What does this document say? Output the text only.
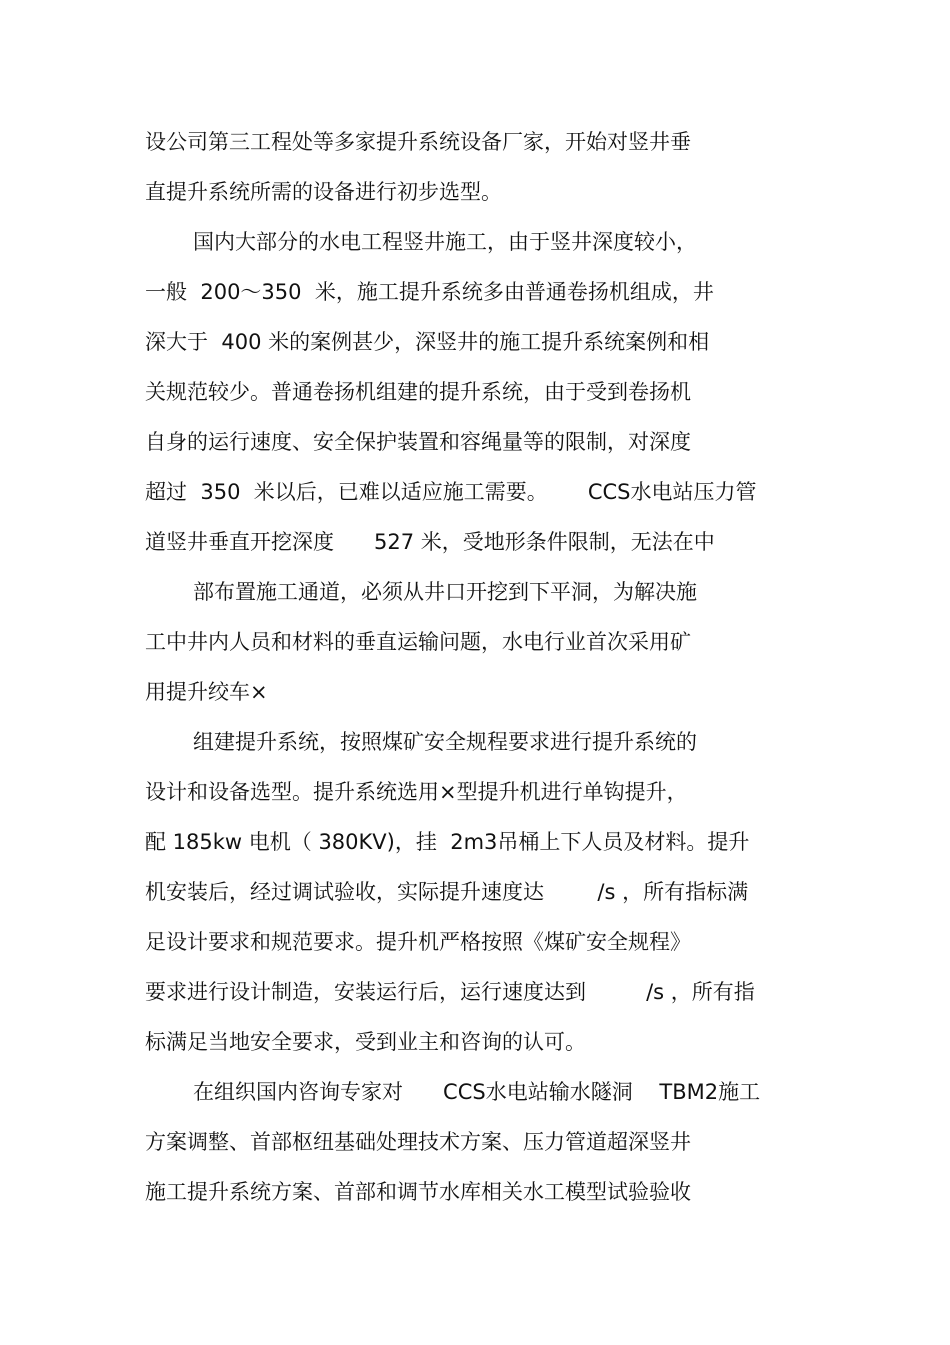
设公司第三工程处等多家提升系统设备厂家，开始对竖井垂

直提升系统所需的设备进行初步选型。

国内大部分的水电工程竖井施工，由于竖井深度较小，

一般  200～350  米，施工提升系统多由普通卷扬机组成，井

深大于  400 米的案例甚少，深竖井的施工提升系统案例和相

关规范较少。普通卷扬机组建的提升系统，由于受到卷扬机

自身的运行速度、安全保护装置和容绳量等的限制，对深度

超过  350  米以后，已难以适应施工需要。      CCS水电站压力管

道竖井垂直开挖深度      527 米，受地形条件限制，无法在中

部布置施工通道，必须从井口开挖到下平洞，为解决施

工中井内人员和材料的垂直运输问题，水电行业首次采用矿

用提升绞车×

组建提升系统，按照煤矿安全规程要求进行提升系统的

设计和设备选型。提升系统选用×型提升机进行单钩提升，

配 185kw 电机（ 380KV)，挂  2m3吊桶上下人员及材料。提升

机安装后，经过调试验收，实际提升速度达        /s ，所有指标满

足设计要求和规范要求。提升机严格按照《煤矿安全规程》

要求进行设计制造，安装运行后，运行速度达到         /s ，所有指

标满足当地安全要求，受到业主和咨询的认可。

在组织国内咨询专家对      CCS水电站输水隧洞    TBM2施工

方案调整、首部枢纽基础处理技术方案、压力管道超深竖井

施工提升系统方案、首部和调节水库相关水工模型试验验收
